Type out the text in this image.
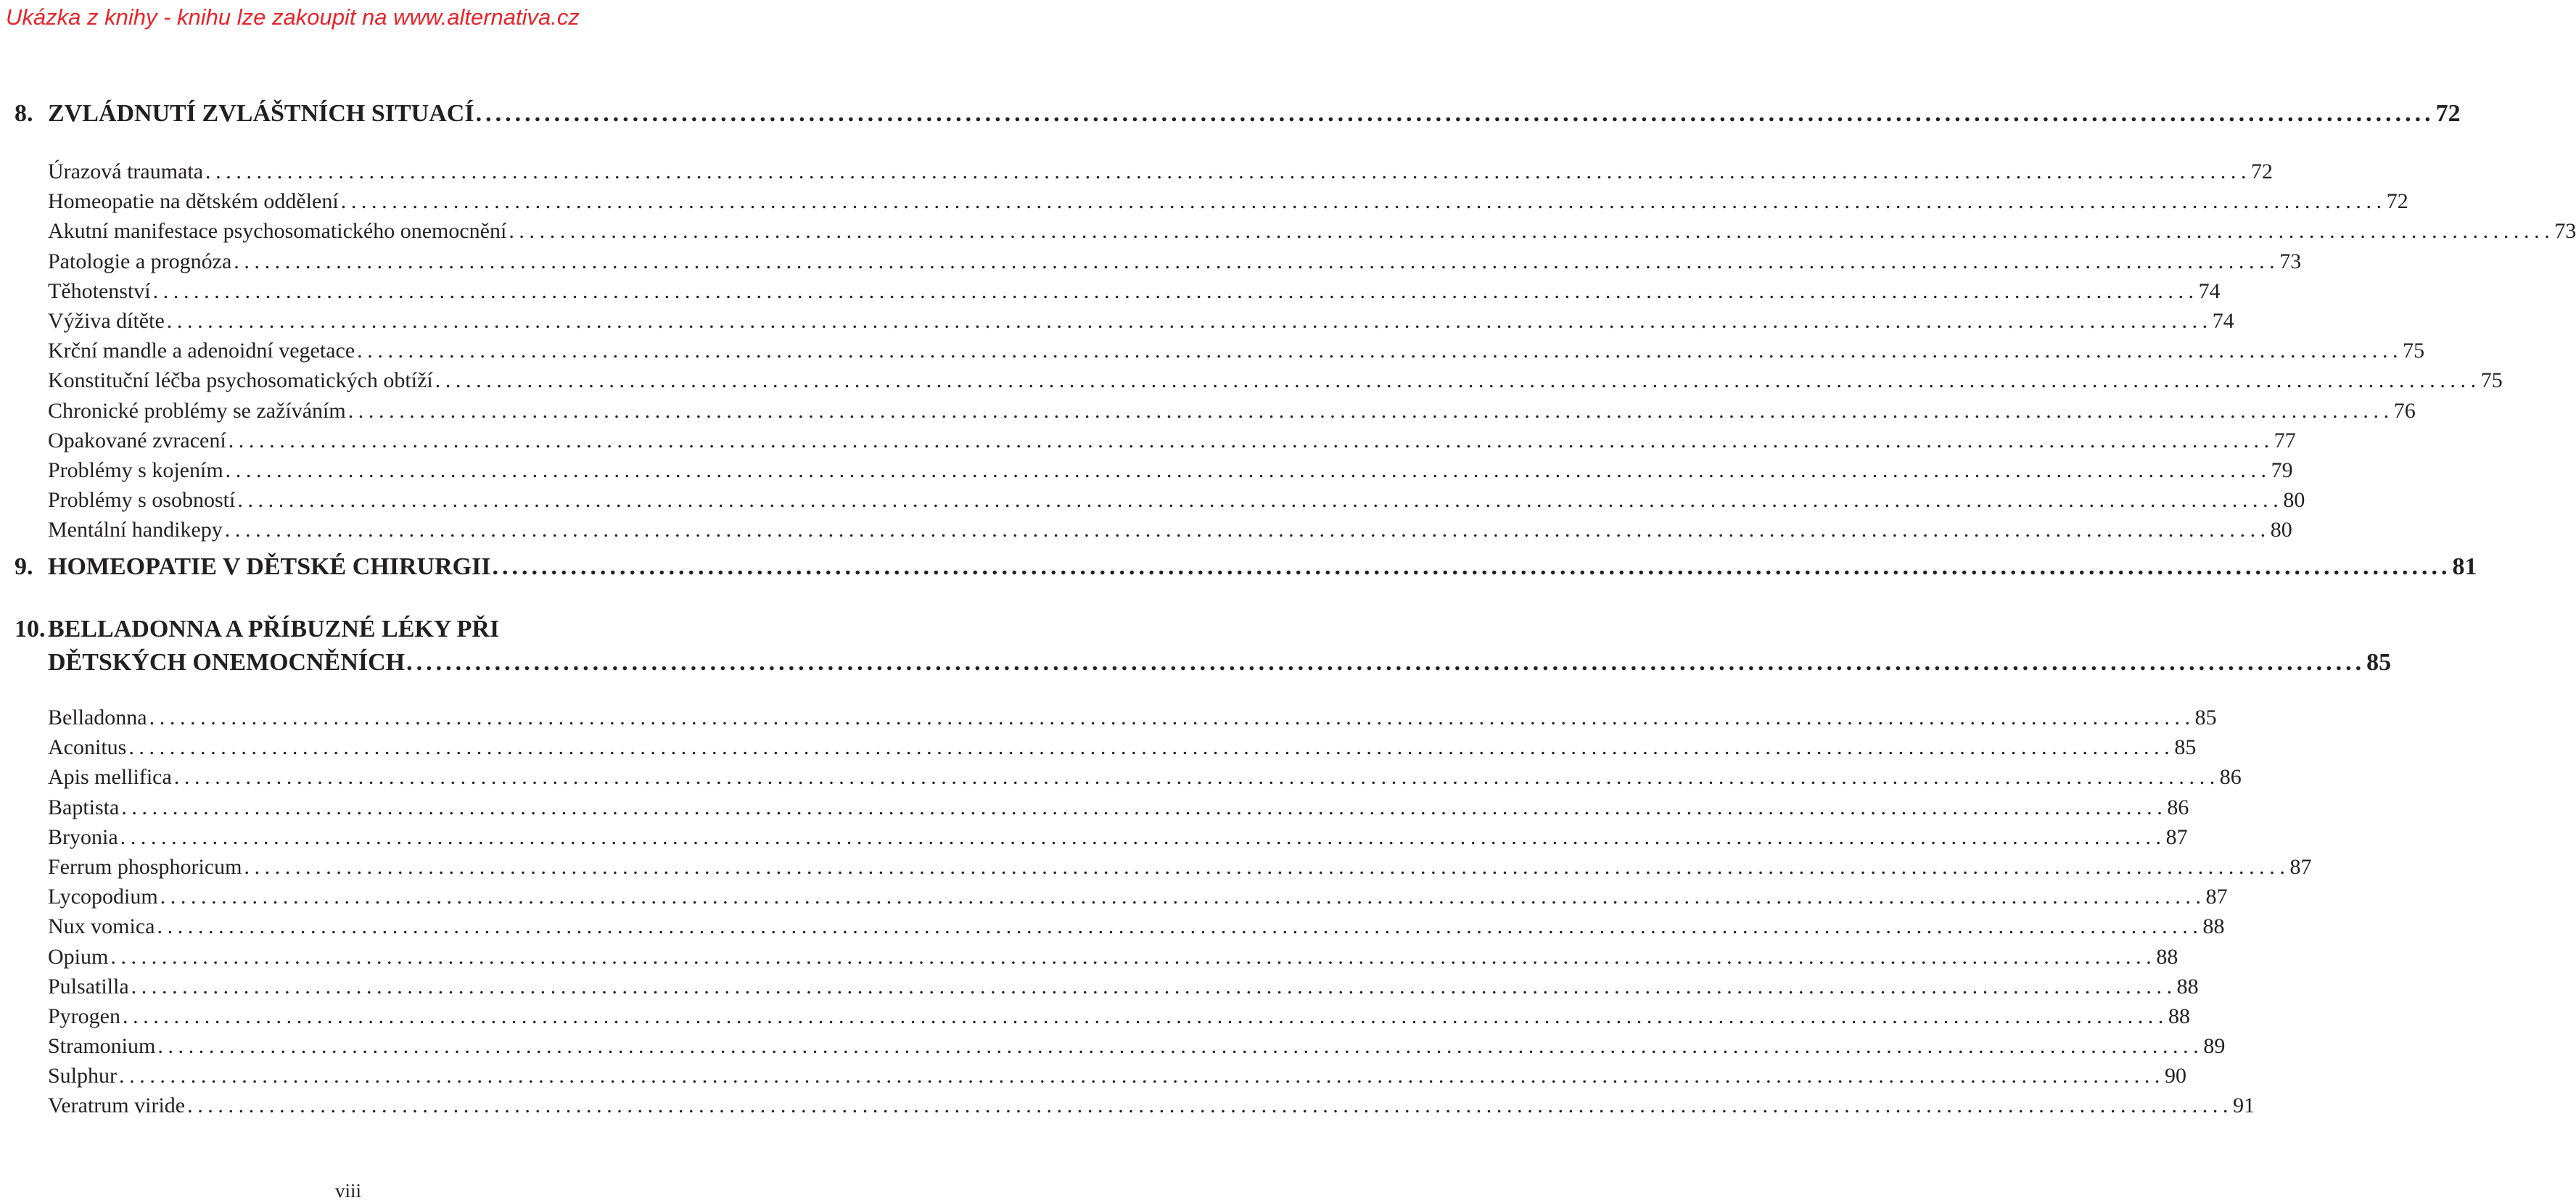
Ukázka z knihy - knihu lze zakoupit na www.alternativa.cz
8. ZVLÁDNUTÍ ZVLÁŠTNÍCH SITUACÍ ........................................................................................................................................................................................................ 72
Úrazová traumata ........................................................................................................................................................................................................ 72
Homeopatie na dětském oddělení ........................................................................................................................................................................................................ 72
Akutní manifestace psychosomatického onemocnění ........................................................................................................................................................................................................ 73
Patologie a prognóza ........................................................................................................................................................................................................ 73
Těhotenství ........................................................................................................................................................................................................ 74
Výživa dítěte ........................................................................................................................................................................................................ 74
Krční mandle a adenoidní vegetace ........................................................................................................................................................................................................ 75
Konstituční léčba psychosomatických obtíží ........................................................................................................................................................................................................ 75
Chronické problémy se zažíváním ........................................................................................................................................................................................................ 76
Opakované zvracení ........................................................................................................................................................................................................ 77
Problémy s kojením ........................................................................................................................................................................................................ 79
Problémy s osobností ........................................................................................................................................................................................................ 80
Mentální handikepy ........................................................................................................................................................................................................ 80
9. HOMEOPATIE V DĚTSKÉ CHIRURGII ........................................................................................................................................................................................................ 81
10. BELLADONNA A PŘÍBUZNÉ LÉKY PŘI
DĚTSKÝCH ONEMOCNĚNÍCH ........................................................................................................................................................................................................ 85
Belladonna ........................................................................................................................................................................................................ 85
Aconitus ........................................................................................................................................................................................................ 85
Apis mellifica ........................................................................................................................................................................................................ 86
Baptista ........................................................................................................................................................................................................ 86
Bryonia ........................................................................................................................................................................................................ 87
Ferrum phosphoricum ........................................................................................................................................................................................................ 87
Lycopodium ........................................................................................................................................................................................................ 87
Nux vomica ........................................................................................................................................................................................................ 88
Opium ........................................................................................................................................................................................................ 88
Pulsatilla ........................................................................................................................................................................................................ 88
Pyrogen ........................................................................................................................................................................................................ 88
Stramonium ........................................................................................................................................................................................................ 89
Sulphur ........................................................................................................................................................................................................ 90
Veratrum viride ........................................................................................................................................................................................................ 91
viii
